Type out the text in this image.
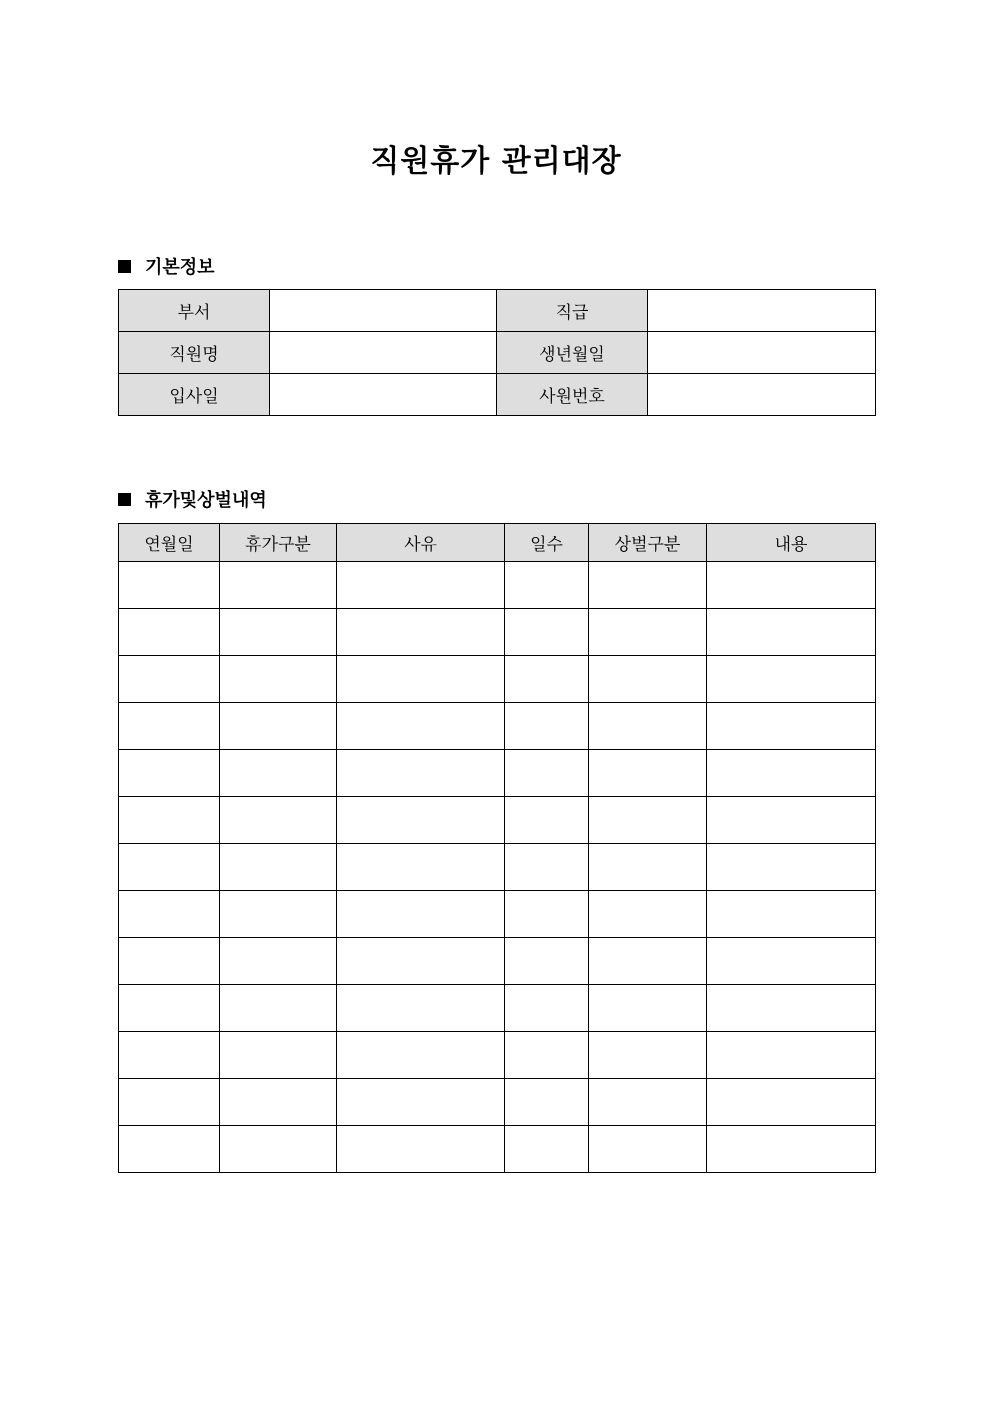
직원휴가 관리대장
기본정보
부서		직급	
직원명		생년월일	
입사일		사원번호	
휴가및상벌내역
연월일	휴가구분	사유	일수	상벌구분	내용
